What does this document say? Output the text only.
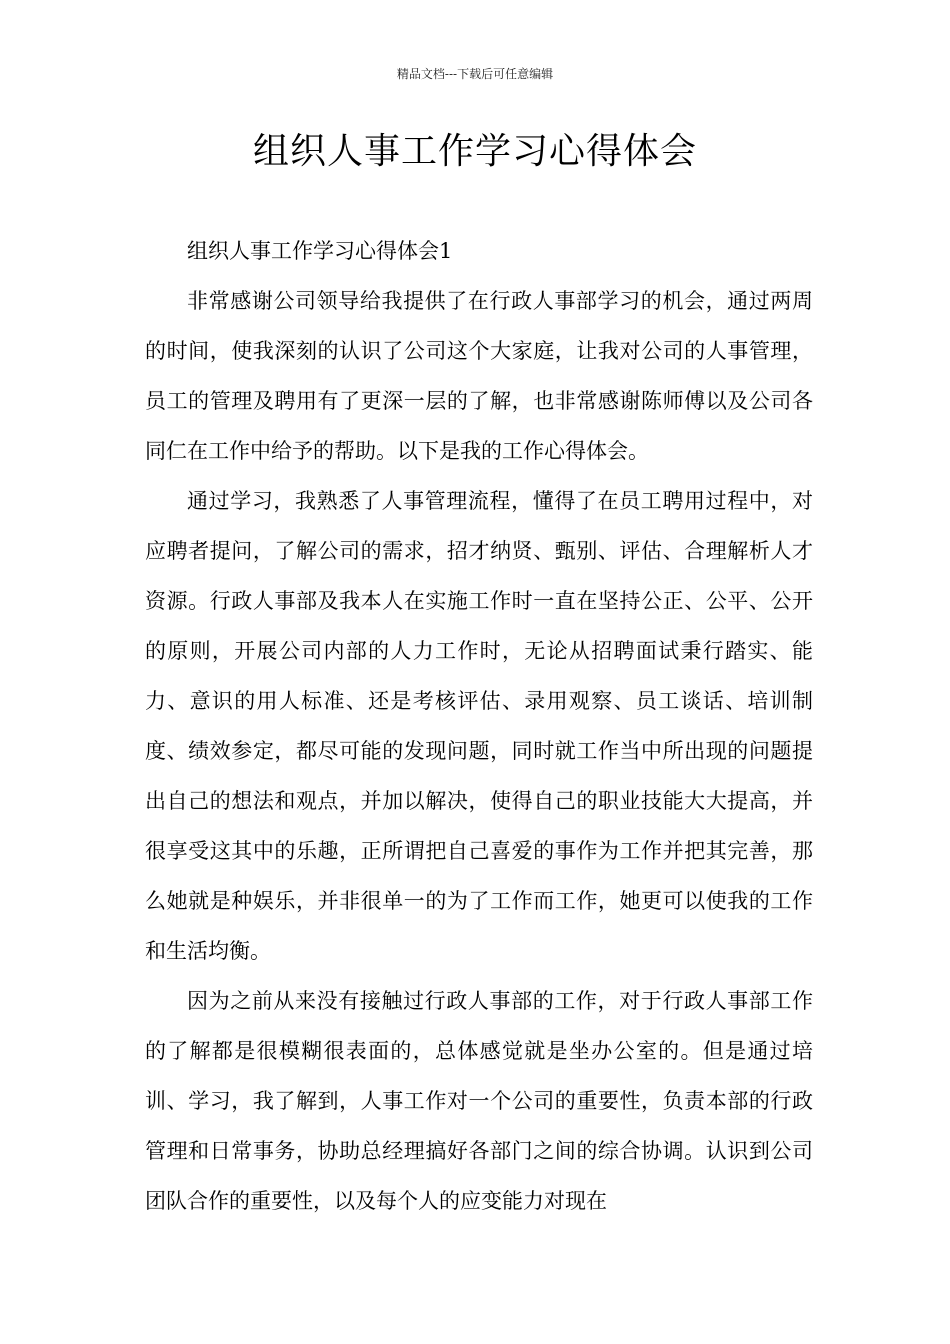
精品文档---下载后可任意编辑
组织人事工作学习心得体会

组织人事工作学习心得体会1

非常感谢公司领导给我提供了在行政人事部学习的机会，通过两周的时间，使我深刻的认识了公司这个大家庭，让我对公司的人事管理，员工的管理及聘用有了更深一层的了解，也非常感谢陈师傅以及公司各同仁在工作中给予的帮助。以下是我的工作心得体会。

通过学习，我熟悉了人事管理流程，懂得了在员工聘用过程中，对应聘者提问，了解公司的需求，招才纳贤、甄别、评估、合理解析人才资源。行政人事部及我本人在实施工作时一直在坚持公正、公平、公开的原则，开展公司内部的人力工作时，无论从招聘面试秉行踏实、能力、意识的用人标准、还是考核评估、录用观察、员工谈话、培训制度、绩效参定，都尽可能的发现问题，同时就工作当中所出现的问题提出自己的想法和观点，并加以解决，使得自己的职业技能大大提高，并很享受这其中的乐趣，正所谓把自己喜爱的事作为工作并把其完善，那么她就是种娱乐，并非很单一的为了工作而工作，她更可以使我的工作和生活均衡。

因为之前从来没有接触过行政人事部的工作，对于行政人事部工作的了解都是很模糊很表面的，总体感觉就是坐办公室的。但是通过培训、学习，我了解到，人事工作对一个公司的重要性，负责本部的行政管理和日常事务，协助总经理搞好各部门之间的综合协调。认识到公司团队合作的重要性，以及每个人的应变能力对现在
